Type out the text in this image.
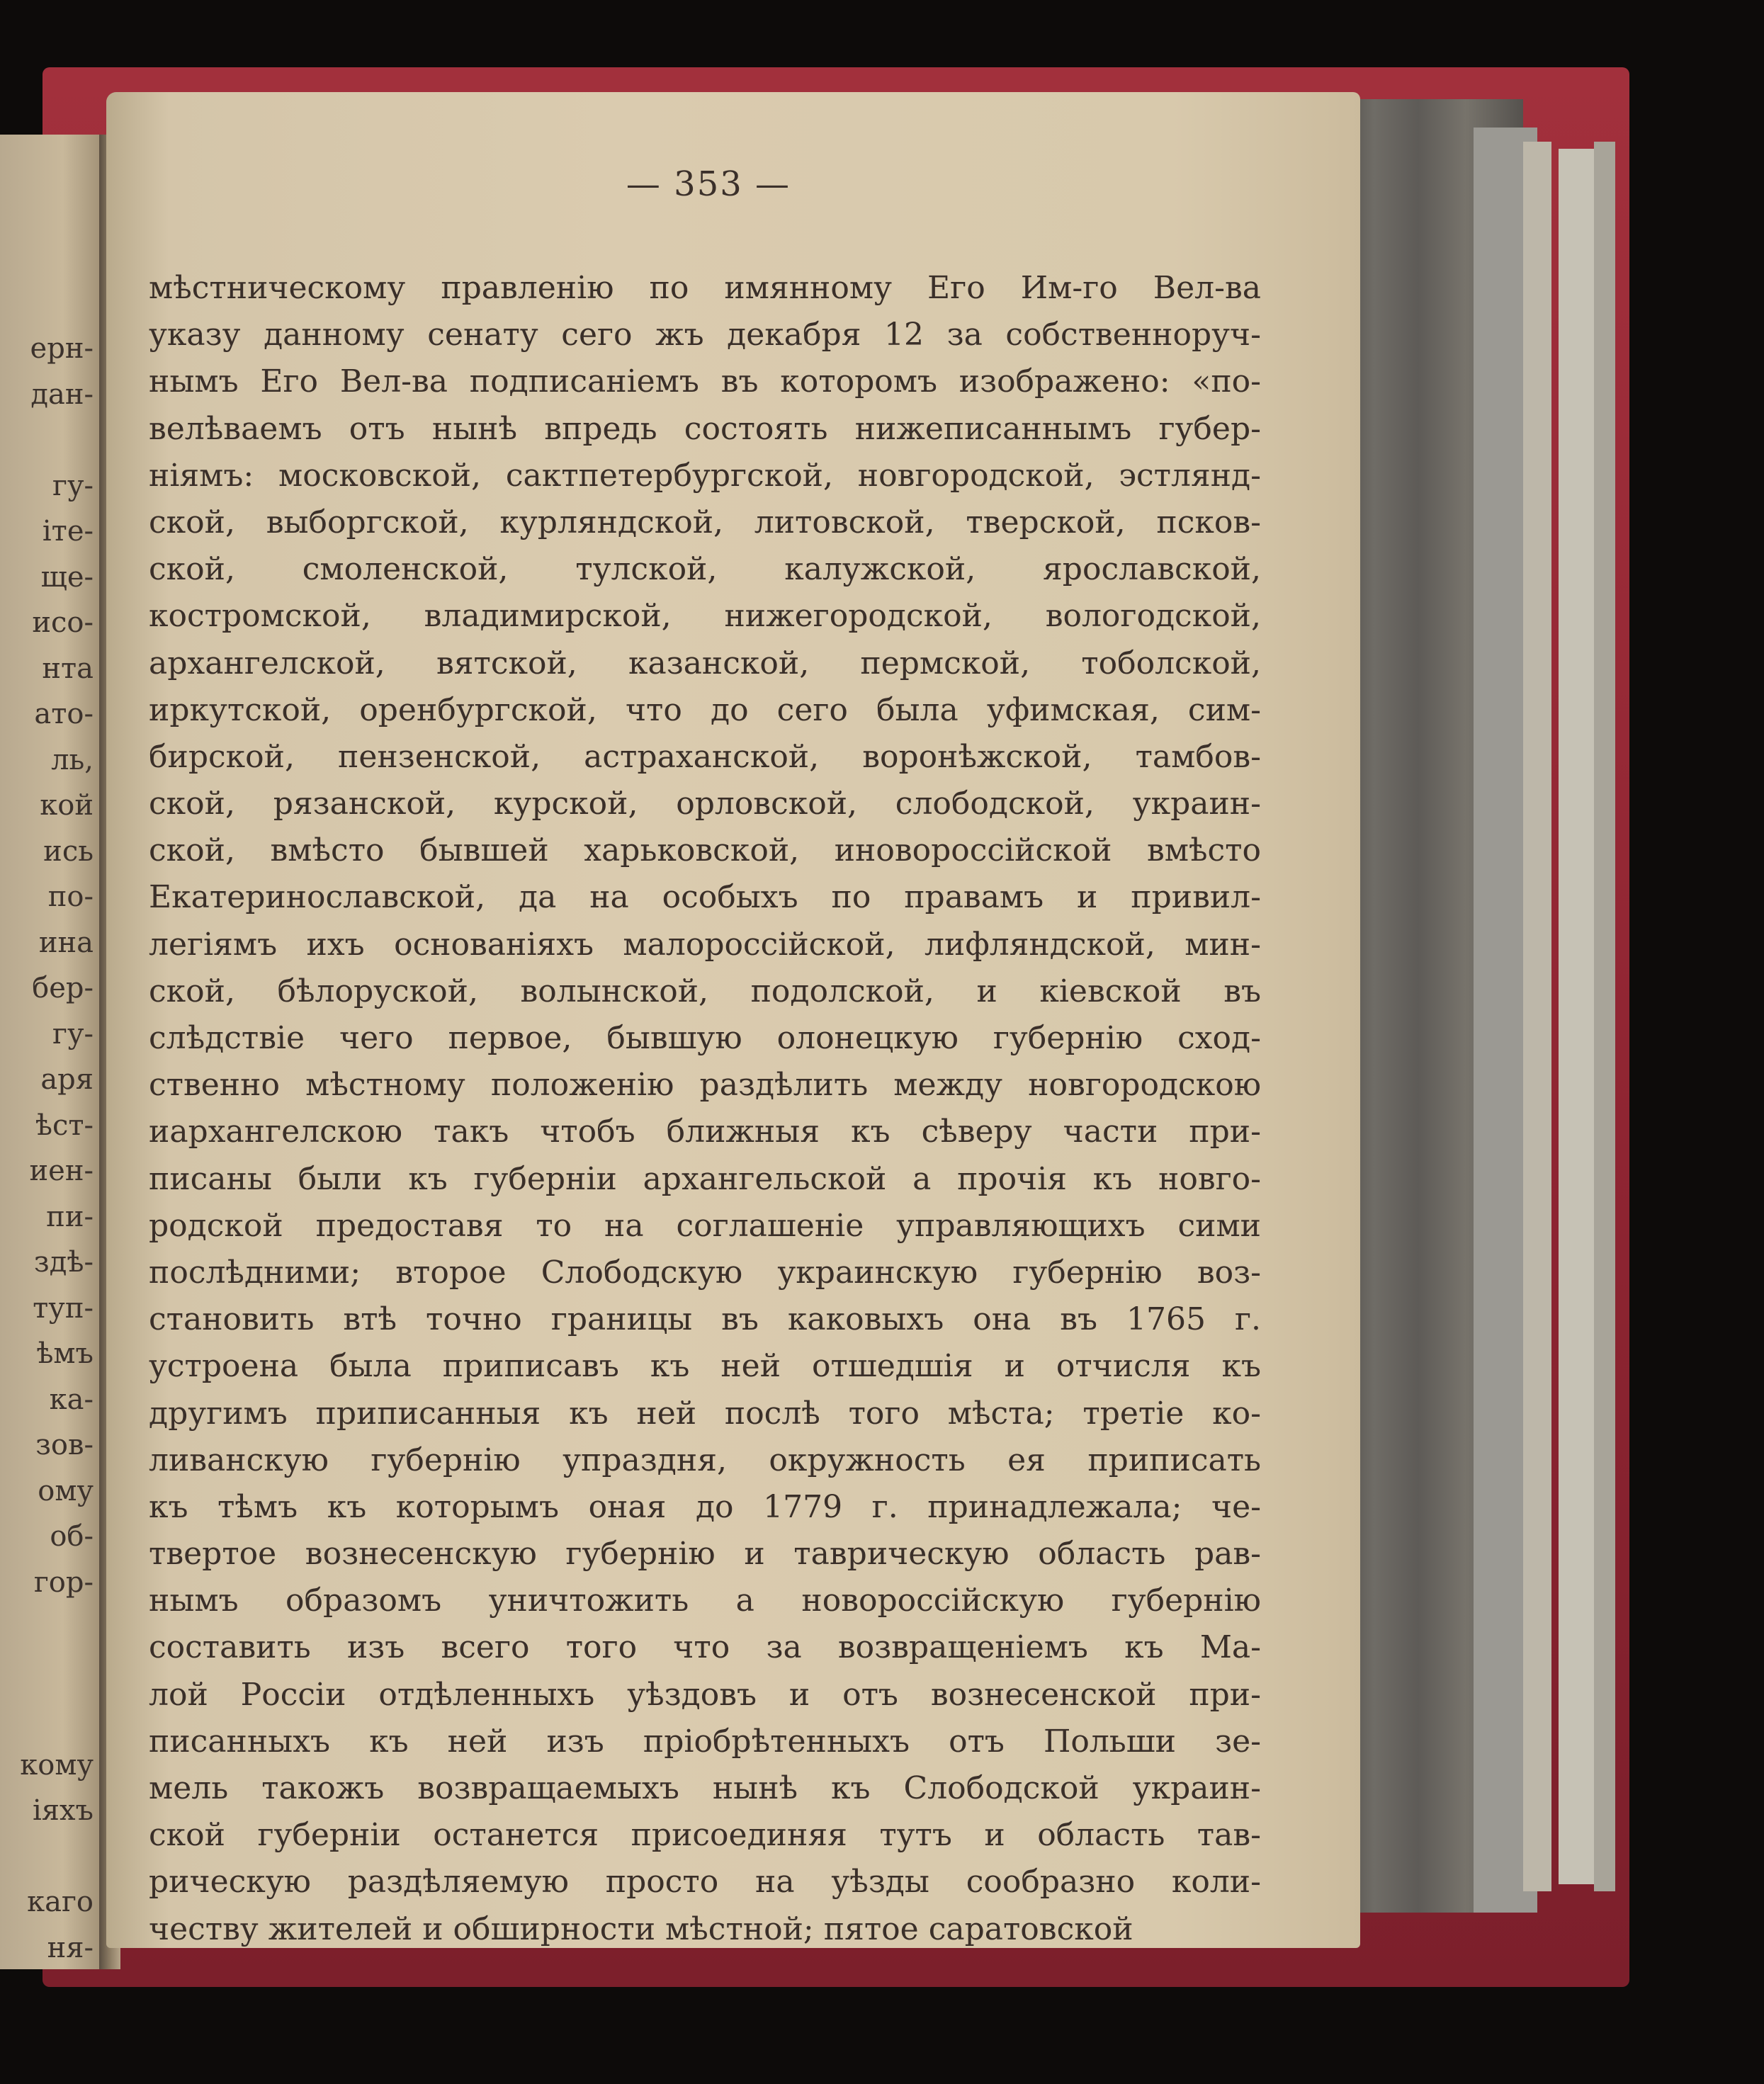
ерн-
дан-
гу-
іте-
ще-
исо-
нта
ато-
ль,
кой
ись
по-
ина
бер-
гу-
аря
ѣст-
иен-
пи-
здѣ-
туп-
ѣмъ
ка-
зов-
ому
об-
гор-
кому
іяхъ
каго
ня-
— 353 —
мѣстническому правленію по имянному Его Им-го Вел-ва
указу данному сенату сего жъ декабря 12 за собственноруч-
нымъ Его Вел-ва подписаніемъ въ которомъ изображено: «по-
велѣваемъ отъ нынѣ впредь состоять нижеписаннымъ губер-
ніямъ: московской, сактпетербургской, новгородской, эстлянд-
ской, выборгской, курляндской, литовской, тверской, псков-
ской, смоленской, тулской, калужской, ярославской,
костромской, владимирской, нижегородской, вологодской,
архангелской, вятской, казанской, пермской, тоболской,
иркутской, оренбургской, что до сего была уфимская, сим-
бирской, пензенской, астраханской, воронѣжской, тамбов-
ской, рязанской, курской, орловской, слободской, украин-
ской, вмѣсто бывшей харьковской, иновороссійской вмѣсто
Екатеринославской, да на особыхъ по правамъ и привил-
легіямъ ихъ основаніяхъ малороссійской, лифляндской, мин-
ской, бѣлоруской, волынской, подолской, и кіевской въ
слѣдствіе чего первое, бывшую олонецкую губернію сход-
ственно мѣстному положенію раздѣлить между новгородскою
иархангелскою такъ чтобъ ближныя къ сѣверу части при-
писаны были къ губерніи архангельской а прочія къ новго-
родской предоставя то на соглашеніе управляющихъ сими
послѣдними; второе Слободскую украинскую губернію воз-
становить втѣ точно границы въ каковыхъ она въ 1765 г.
устроена была приписавъ къ ней отшедшія и отчисля къ
другимъ приписанныя къ ней послѣ того мѣста; третіе ко-
ливанскую губернію упраздня, окружность ея приписать
къ тѣмъ къ которымъ оная до 1779 г. принадлежала; че-
твертое вознесенскую губернію и таврическую область рав-
нымъ образомъ уничтожить а новороссійскую губернію
составить изъ всего того что за возвращеніемъ къ Ма-
лой Россіи отдѣленныхъ уѣздовъ и отъ вознесенской при-
писанныхъ къ ней изъ пріобрѣтенныхъ отъ Польши зе-
мель такожъ возвращаемыхъ нынѣ къ Слободской украин-
ской губерніи останется присоединяя тутъ и область тав-
рическую раздѣляемую просто на уѣзды сообразно коли-
честву жителей и обширности мѣстной; пятое саратовской
